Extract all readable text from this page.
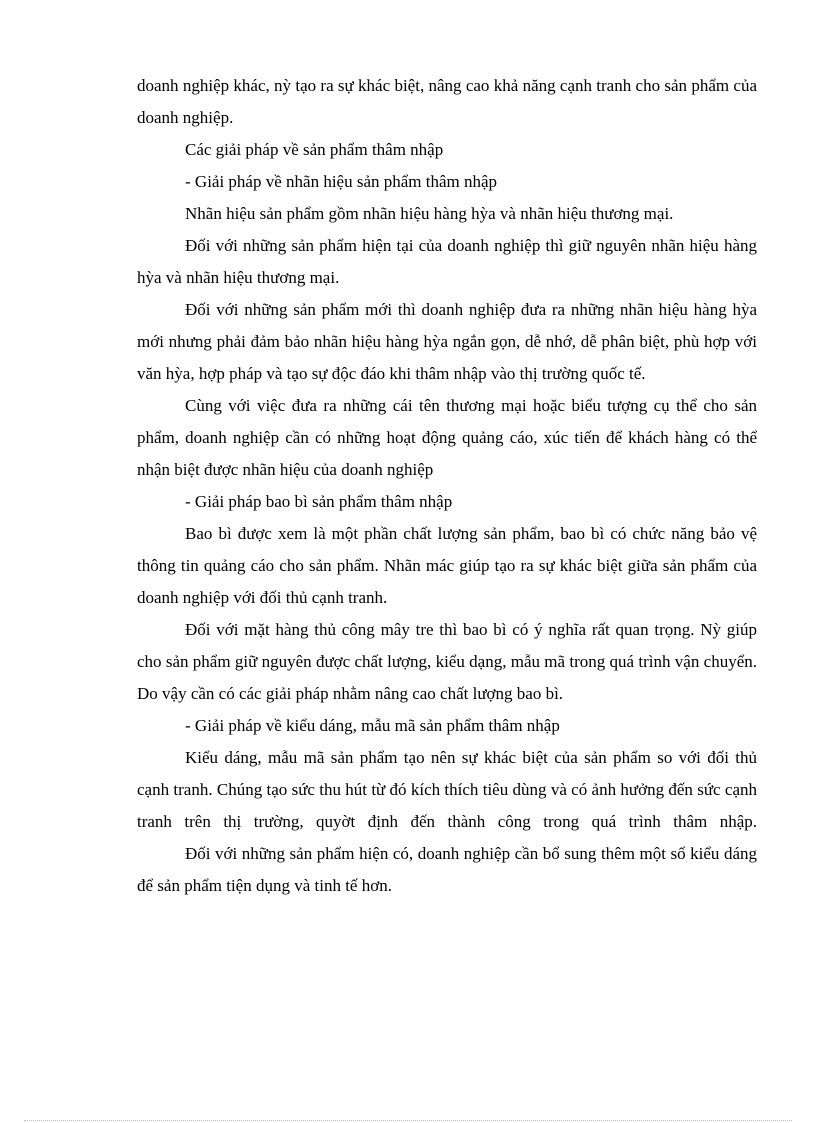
doanh nghiệp khác, nỳ tạo ra sự khác biệt, nâng cao khả năng cạnh tranh cho sản phẩm của doanh nghiệp.

Các giải pháp về sản phẩm thâm nhập

- Giải pháp về nhãn hiệu sản phẩm thâm nhập

Nhãn hiệu sản phẩm gồm nhãn hiệu hàng hỳa và nhãn hiệu thương mại.

Đối với những sản phẩm hiện tại của doanh nghiệp thì giữ nguyên nhãn hiệu hàng hỳa và nhãn hiệu thương mại.

Đối với những sản phẩm mới thì doanh nghiệp đưa ra những nhãn hiệu hàng hỳa mới nhưng phải đảm bảo nhãn hiệu hàng hỳa ngắn gọn, dễ nhớ, dễ phân biệt, phù hợp với văn hỳa, hợp pháp và tạo sự độc đáo khi thâm nhập vào thị trường quốc tế.

Cùng với việc đưa ra những cái tên thương mại hoặc biểu tượng cụ thể cho sản phẩm, doanh nghiệp cần có những hoạt động quảng cáo, xúc tiến để khách hàng có thể nhận biệt được nhãn hiệu của doanh nghiệp

- Giải pháp bao bì sản phẩm thâm nhập

Bao bì được xem là một phần chất lượng sản phẩm, bao bì có chức năng bảo vệ thông tin quảng cáo cho sản phẩm. Nhãn mác giúp tạo ra sự khác biệt giữa sản phẩm của doanh nghiệp với đối thủ cạnh tranh.

Đối với mặt hàng thủ công mây tre thì bao bì có ý nghĩa rất quan trọng. Nỳ giúp cho sản phẩm giữ nguyên được chất lượng, kiểu dạng, mẫu mã trong quá trình vận chuyển. Do vậy cần có các giải pháp nhằm nâng cao chất lượng bao bì.

- Giải pháp về kiểu dáng, mẫu mã sản phẩm thâm nhập

Kiểu dáng, mẫu mã sản phẩm tạo nên sự khác biệt của sản phẩm so với đối thủ cạnh tranh. Chúng tạo sức thu hút từ đó kích thích tiêu dùng và có ảnh hưởng đến sức cạnh tranh trên thị trường, quyờt định đến thành công trong quá trình thâm nhập.

Đối với những sản phẩm hiện có, doanh nghiệp cần bổ sung thêm một số kiểu dáng để sản phẩm tiện dụng và tinh tế hơn.
